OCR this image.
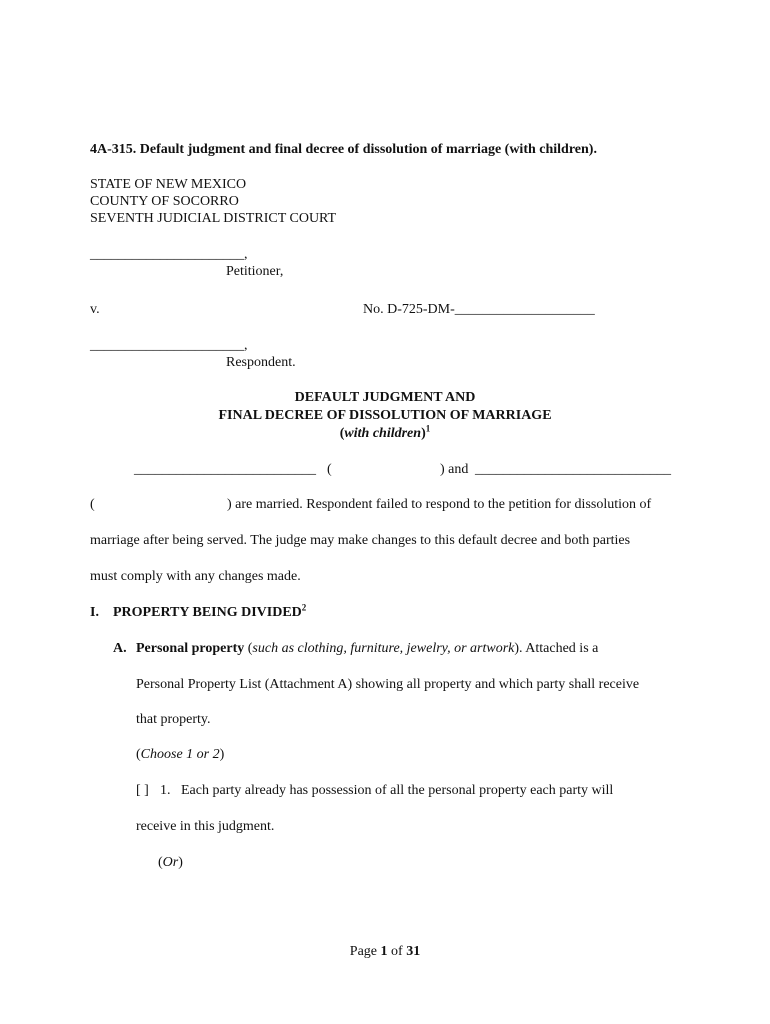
4A-315. Default judgment and final decree of dissolution of marriage (with children).
STATE OF NEW MEXICO
COUNTY OF SOCORRO
SEVENTH JUDICIAL DISTRICT COURT
______________________,
Petitioner,
v.	No. D-725-DM-____________________
______________________,
Respondent.
DEFAULT JUDGMENT AND
FINAL DECREE OF DISSOLUTION OF MARRIAGE
(with children)$^1$
__________________________ (	) and ____________________________
(	) are married. Respondent failed to respond to the petition for dissolution of
marriage after being served. The judge may make changes to this default decree and both parties
must comply with any changes made.
I. PROPERTY BEING DIVIDED$^2$
A. Personal property (such as clothing, furniture, jewelry, or artwork). Attached is a
Personal Property List (Attachment A) showing all property and which party shall receive
that property.
(Choose 1 or 2)
[ ] 1. Each party already has possession of all the personal property each party will
receive in this judgment.
(Or)
Page 1 of 31
